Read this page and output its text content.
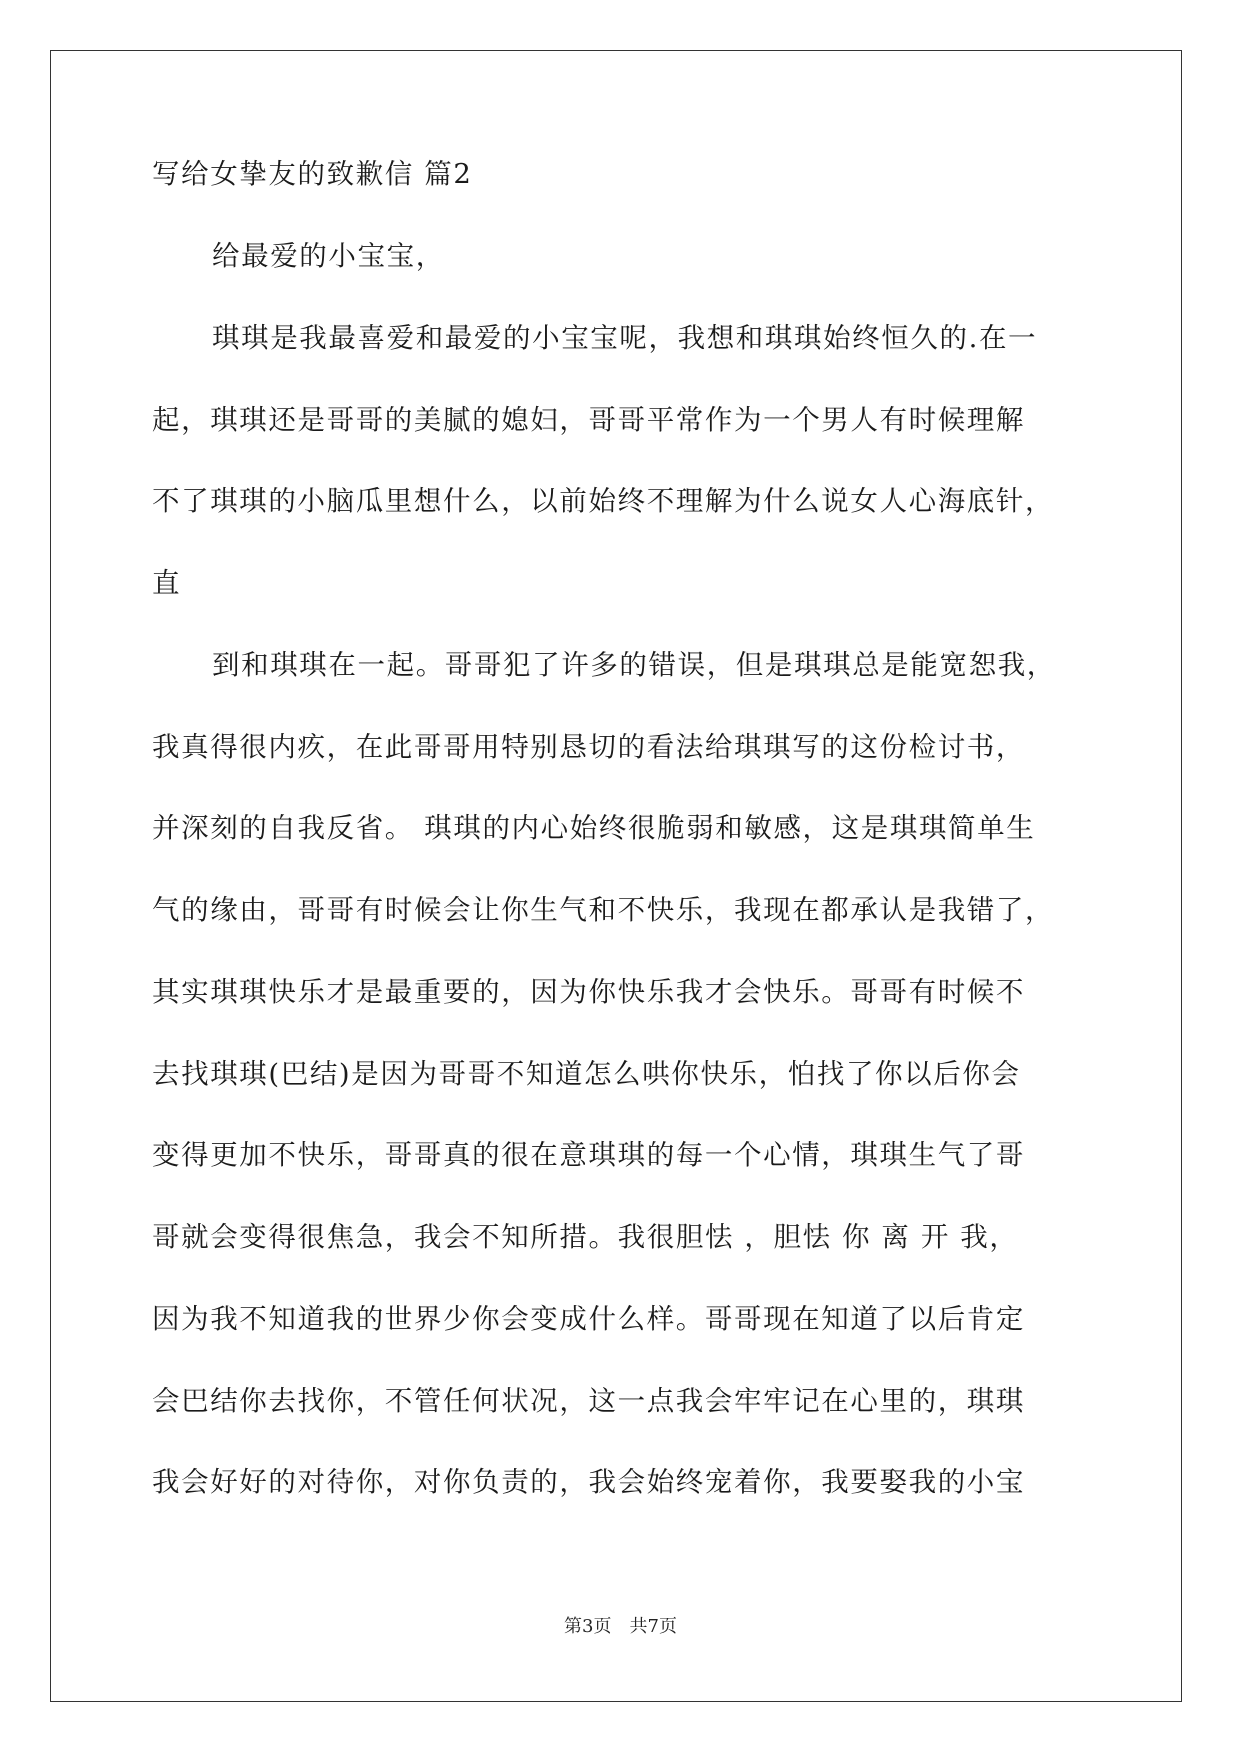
写给女挚友的致歉信 篇2

给最爱的小宝宝，

琪琪是我最喜爱和最爱的小宝宝呢，我想和琪琪始终恒久的.在一

起，琪琪还是哥哥的美腻的媳妇，哥哥平常作为一个男人有时候理解

不了琪琪的小脑瓜里想什么，以前始终不理解为什么说女人心海底针，

直

到和琪琪在一起。哥哥犯了许多的错误，但是琪琪总是能宽恕我，

我真得很内疚，在此哥哥用特别恳切的看法给琪琪写的这份检讨书，

并深刻的自我反省。 琪琪的内心始终很脆弱和敏感，这是琪琪简单生

气的缘由，哥哥有时候会让你生气和不快乐，我现在都承认是我错了，

其实琪琪快乐才是最重要的，因为你快乐我才会快乐。哥哥有时候不

去找琪琪(巴结)是因为哥哥不知道怎么哄你快乐，怕找了你以后你会

变得更加不快乐，哥哥真的很在意琪琪的每一个心情，琪琪生气了哥

哥就会变得很焦急，我会不知所措。我很胆怯 ，胆怯 你 离 开 我，

因为我不知道我的世界少你会变成什么样。哥哥现在知道了以后肯定

会巴结你去找你，不管任何状况，这一点我会牢牢记在心里的，琪琪

我会好好的对待你，对你负责的，我会始终宠着你，我要娶我的小宝

第3页 共7页
